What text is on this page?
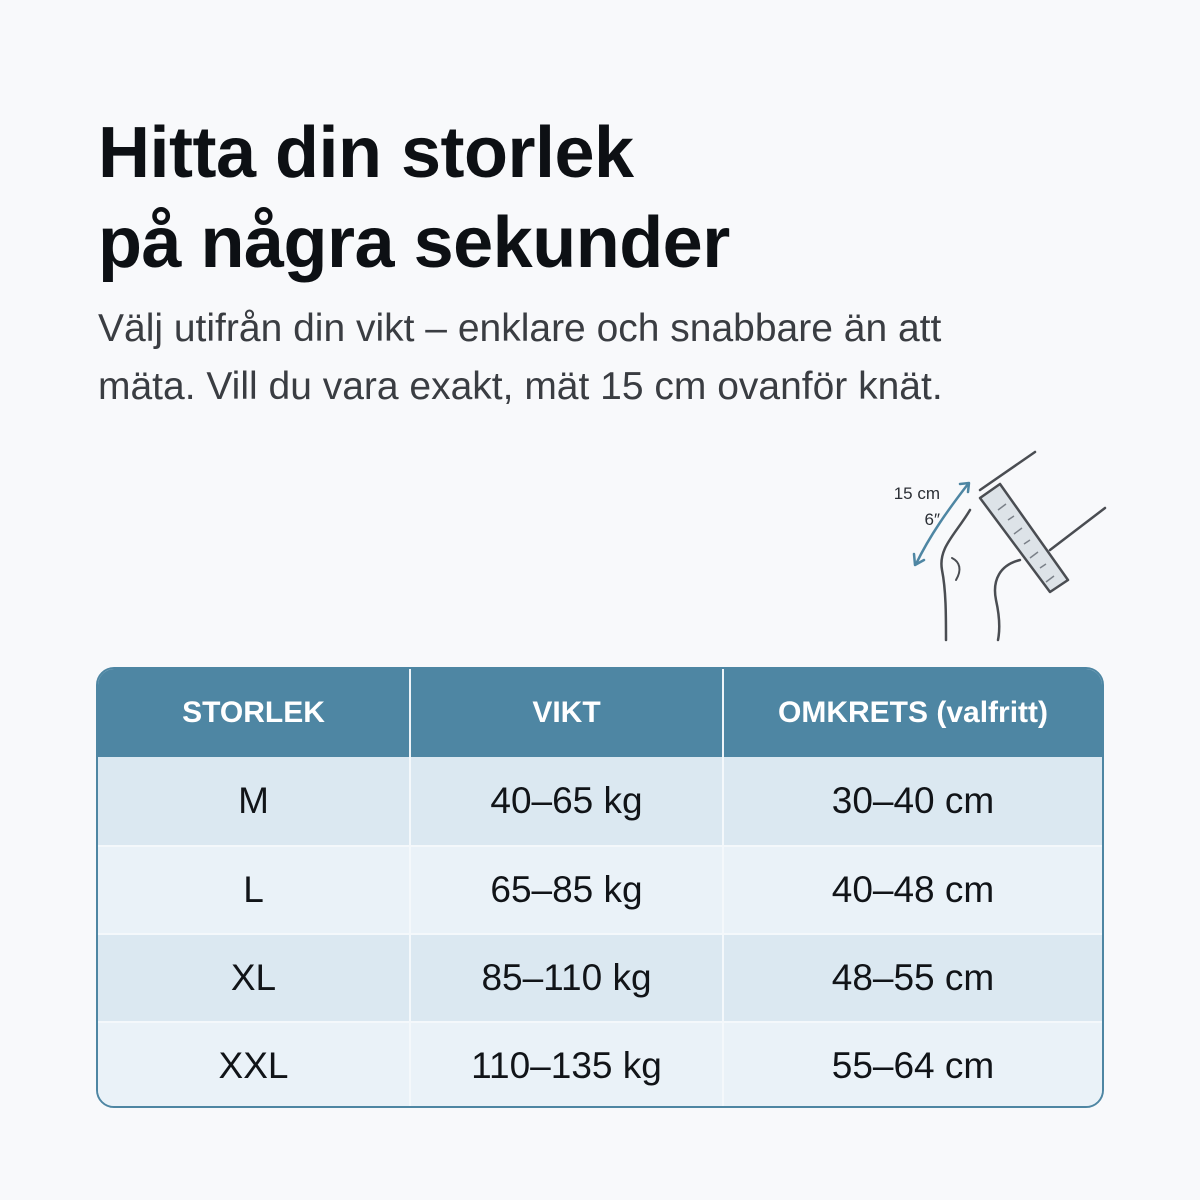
Hitta din storlek
på några sekunder

Välj utifrån din vikt – enklare och snabbare än att
mäta. Vill du vara exakt, mät 15 cm ovanför knät.

15 cm
6″
STORLEK	VIKT	OMKRETS (valfritt)
M	40–65 kg	30–40 cm
L	65–85 kg	40–48 cm
XL	85–110 kg	48–55 cm
XXL	110–135 kg	55–64 cm
